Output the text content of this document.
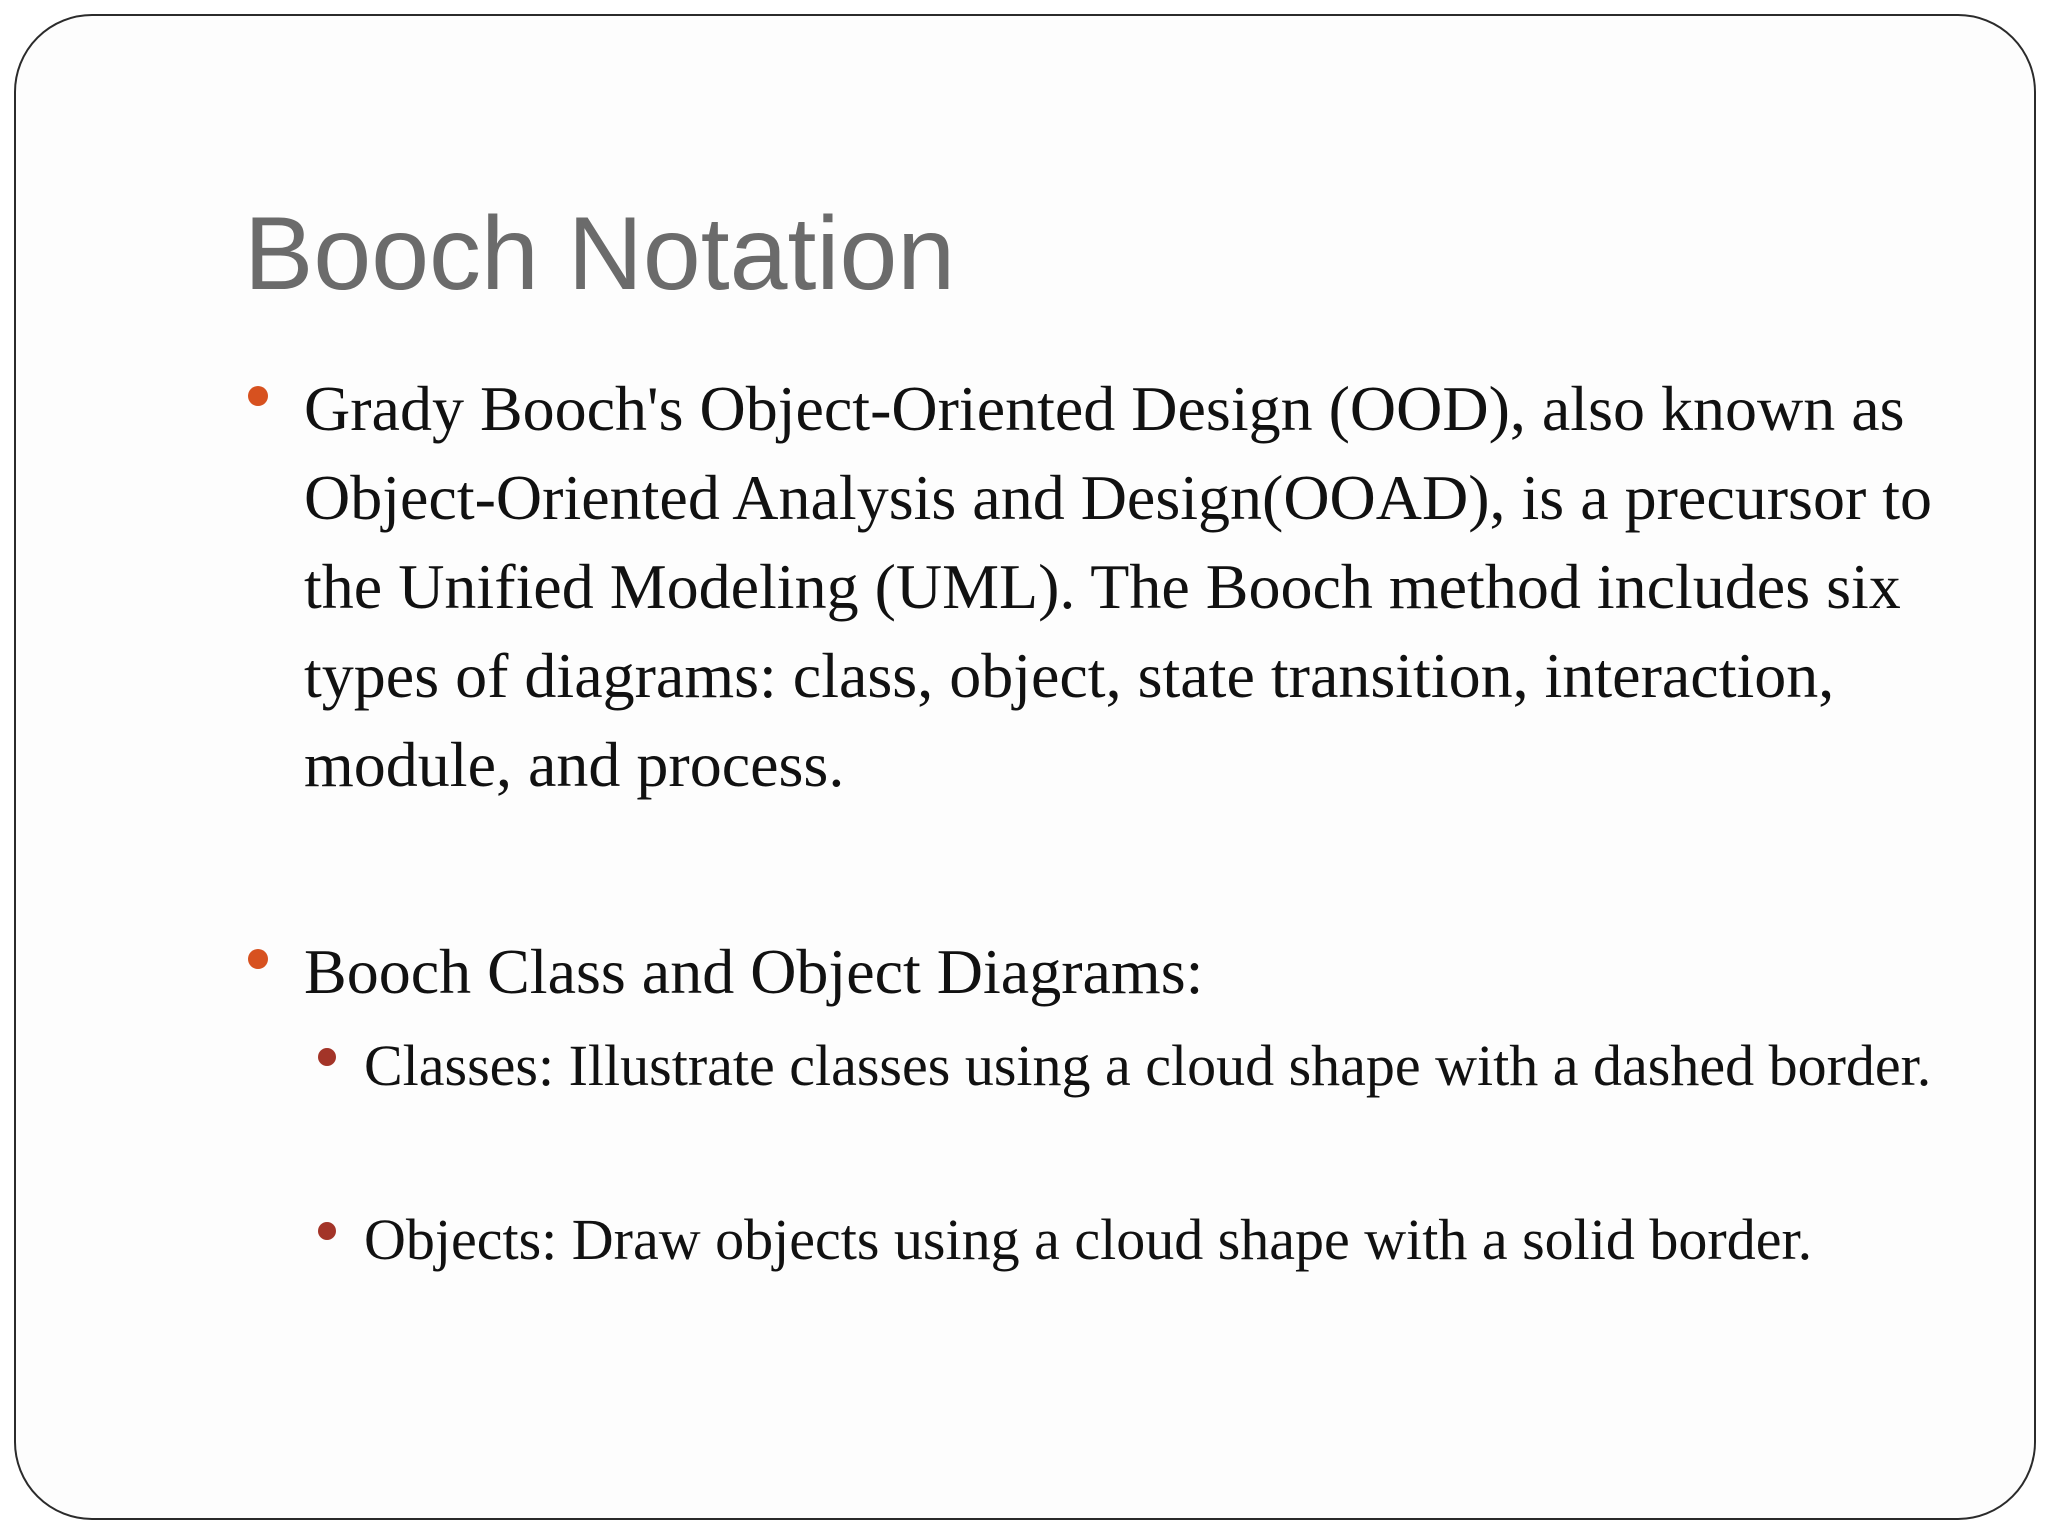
Booch Notation
Grady Booch's Object-Oriented Design (OOD), also known as Object-Oriented Analysis and Design(OOAD), is a precursor to the Unified Modeling (UML). The Booch method includes six types of diagrams: class, object, state transition, interaction, module, and process.
Booch Class and Object Diagrams:
Classes: Illustrate classes using a cloud shape with a dashed border.
Objects: Draw objects using a cloud shape with a solid border.
